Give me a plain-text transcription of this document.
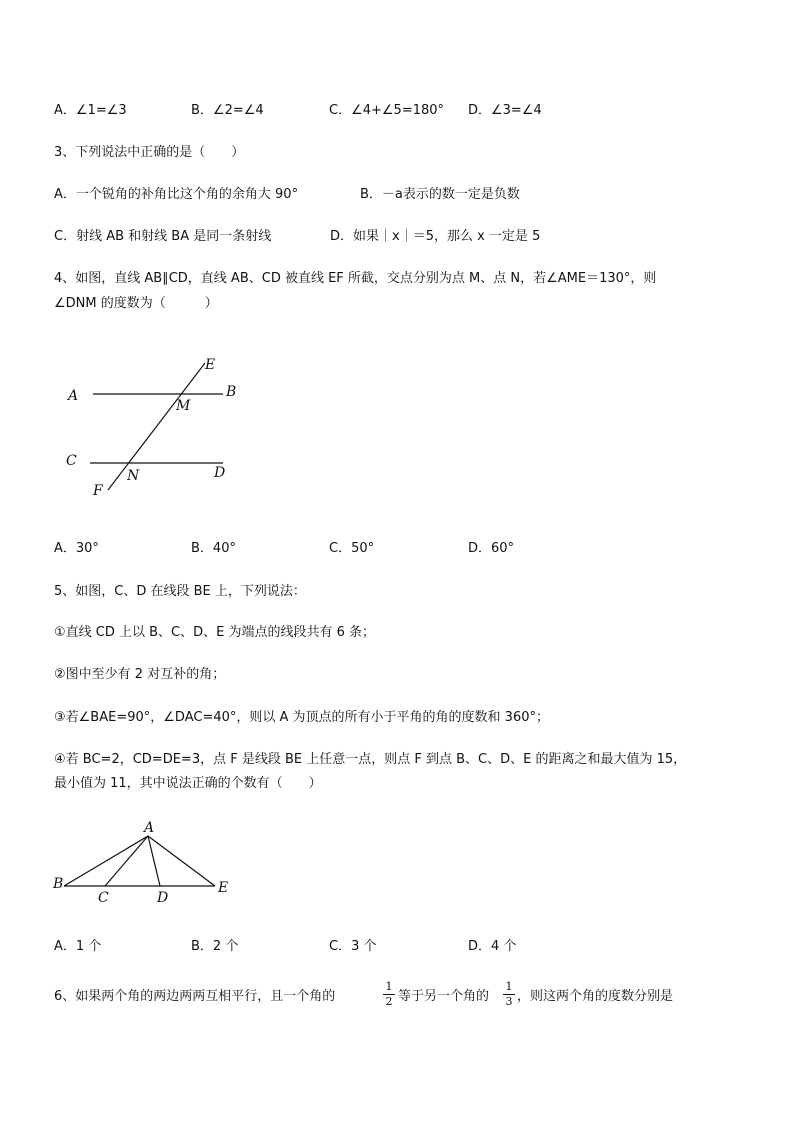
A．∠1=∠3	B．∠2=∠4	C．∠4+∠5=180° D．∠3=∠4
3、下列说法中正确的是（　　）
A．一个锐角的补角比这个角的余角大 90°	B．－a表示的数一定是负数
C．射线 AB 和射线 BA 是同一条射线	D．如果｜x｜＝5，那么 x 一定是 5
4、如图，直线 AB∥CD，直线 AB、CD 被直线 EF 所截，交点分别为点 M、点 N，若∠AME＝130°，则
∠DNM 的度数为（　　　）
A	B
C
D
E
F
M
N
A．30°	B．40°	C．50°	D．60°
5、如图，C、D 在线段 BE 上，下列说法：
①直线 CD 上以 B、C、D、E 为端点的线段共有 6 条；
②图中至少有 2 对互补的角；
③若∠BAE=90°，∠DAC=40°，则以 A 为顶点的所有小于平角的角的度数和 360°；
④若 BC=2，CD=DE=3，点 F 是线段 BE 上任意一点，则点 F 到点 B、C、D、E 的距离之和最大值为 15，
最小值为 11，其中说法正确的个数有（　　）
A
B
C	D
E
A．1 个	B．2 个	C．3 个	D．4 个
6、如果两个角的两边两两互相平行，且一个角的
1
2 等于另一个角的
1
3 ，则这两个角的度数分别是
